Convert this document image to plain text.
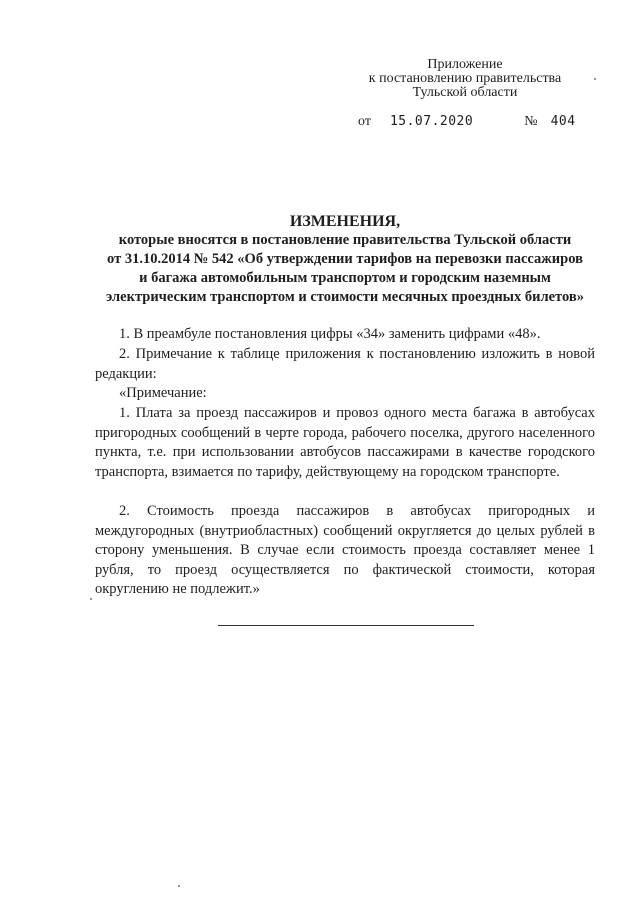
Приложение
к постановлению правительства
Тульской области
от 15.07.2020	№ 404
ИЗМЕНЕНИЯ,
которые вносятся в постановление правительства Тульской области
от 31.10.2014 № 542 «Об утверждении тарифов на перевозки пассажиров
и багажа автомобильным транспортом и городским наземным
электрическим транспортом и стоимости месячных проездных билетов»
1. В преамбуле постановления цифры «34» заменить цифрами «48».
2. Примечание к таблице приложения к постановлению изложить в новой редакции:
«Примечание:
1. Плата за проезд пассажиров и провоз одного места багажа в автобусах пригородных сообщений в черте города, рабочего поселка, другого населенного пункта, т.е. при использовании автобусов пассажирами в качестве городского транспорта, взимается по тарифу, действующему на городском транспорте.
2. Стоимость проезда пассажиров в автобусах пригородных и междугородных (внутриобластных) сообщений округляется до целых рублей в сторону уменьшения. В случае если стоимость проезда составляет менее 1 рубля, то проезд осуществляется по фактической стоимости, которая округлению не подлежит.»
